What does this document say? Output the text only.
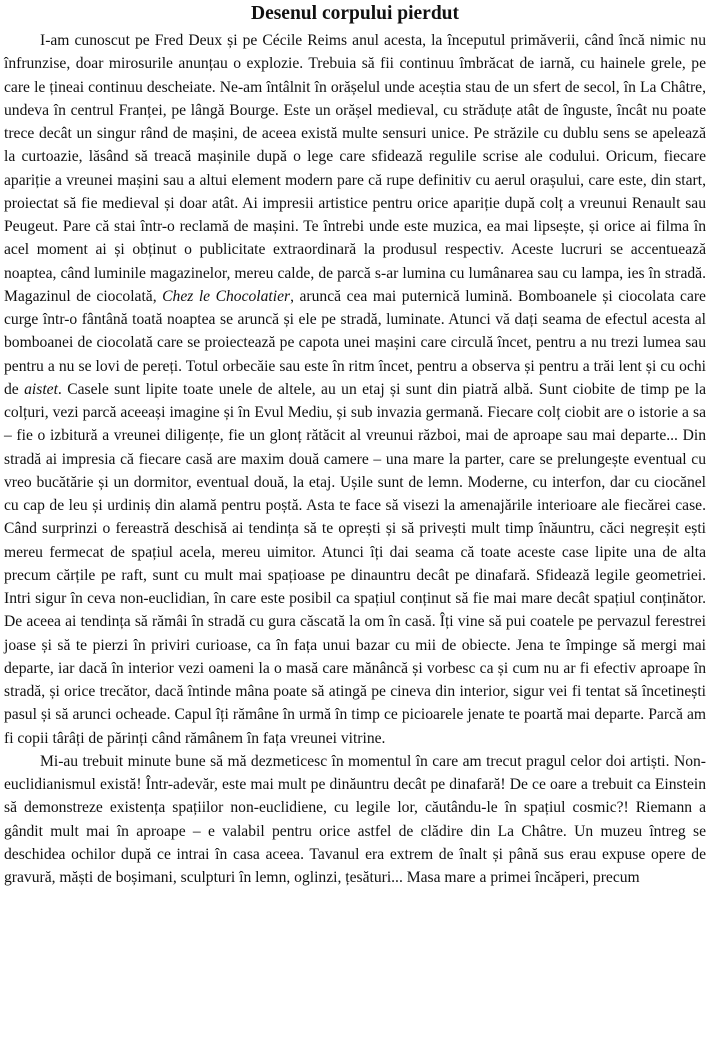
Desenul corpului pierdut

I-am cunoscut pe Fred Deux și pe Cécile Reims anul acesta, la începutul primăverii, când încă nimic nu înfrunzise, doar mirosurile anunțau o explozie. Trebuia să fii continuu îmbrăcat de iarnă, cu hainele grele, pe care le țineai continuu descheiate. Ne-am întâlnit în orășelul unde aceștia stau de un sfert de secol, în La Châtre, undeva în centrul Franței, pe lângă Bourge. Este un orășel medieval, cu străduțe atât de înguste, încât nu poate trece decât un singur rând de mașini, de aceea există multe sensuri unice. Pe străzile cu dublu sens se apelează la curtoazie, lăsând să treacă mașinile după o lege care sfidează regulile scrise ale codului. Oricum, fiecare apariție a vreunei mașini sau a altui element modern pare că rupe definitiv cu aerul orașului, care este, din start, proiectat să fie medieval și doar atât. Ai impresii artistice pentru orice apariție după colț a vreunui Renault sau Peugeut. Pare că stai într-o reclamă de mașini. Te întrebi unde este muzica, ea mai lipsește, și orice ai filma în acel moment ai și obținut o publicitate extraordinară la produsul respectiv. Aceste lucruri se accentuează noaptea, când luminile magazinelor, mereu calde, de parcă s-ar lumina cu lumânarea sau cu lampa, ies în stradă. Magazinul de ciocolată, Chez le Chocolatier, aruncă cea mai puternică lumină. Bomboanele și ciocolata care curge într-o fântână toată noaptea se aruncă și ele pe stradă, luminate. Atunci vă dați seama de efectul acesta al bomboanei de ciocolată care se proiectează pe capota unei mașini care circulă încet, pentru a nu trezi lumea sau pentru a nu se lovi de pereți. Totul orbecăie sau este în ritm încet, pentru a observa și pentru a trăi lent și cu ochi de aistet. Casele sunt lipite toate unele de altele, au un etaj și sunt din piatră albă. Sunt ciobite de timp pe la colțuri, vezi parcă aceeași imagine și în Evul Mediu, și sub invazia germană. Fiecare colț ciobit are o istorie a sa – fie o izbitură a vreunei diligențe, fie un glonț rătăcit al vreunui război, mai de aproape sau mai departe... Din stradă ai impresia că fiecare casă are maxim două camere – una mare la parter, care se prelungește eventual cu vreo bucătărie și un dormitor, eventual două, la etaj. Ușile sunt de lemn. Moderne, cu interfon, dar cu ciocănel cu cap de leu și urdiniș din alamă pentru poștă. Asta te face să visezi la amenajările interioare ale fiecărei case. Când surprinzi o fereastră deschisă ai tendința să te oprești și să privești mult timp înăuntru, căci negreșit ești mereu fermecat de spațiul acela, mereu uimitor. Atunci îți dai seama că toate aceste case lipite una de alta precum cărțile pe raft, sunt cu mult mai spațioase pe dinauntru decât pe dinafară. Sfidează legile geometriei. Intri sigur în ceva non-euclidian, în care este posibil ca spațiul conținut să fie mai mare decât spațiul conținător. De aceea ai tendința să rămâi în stradă cu gura căscată la om în casă. Îți vine să pui coatele pe pervazul ferestrei joase și să te pierzi în priviri curioase, ca în fața unui bazar cu mii de obiecte. Jena te împinge să mergi mai departe, iar dacă în interior vezi oameni la o masă care mănâncă și vorbesc ca și cum nu ar fi efectiv aproape în stradă, și orice trecător, dacă întinde mâna poate să atingă pe cineva din interior, sigur vei fi tentat să încetinești pasul și să arunci ocheade. Capul îți rămâne în urmă în timp ce picioarele jenate te poartă mai departe. Parcă am fi copii târâți de părinți când rămânem în fața vreunei vitrine.

Mi-au trebuit minute bune să mă dezmeticesc în momentul în care am trecut pragul celor doi artiști. Non-euclidianismul există! Într-adevăr, este mai mult pe dinăuntru decât pe dinafară! De ce oare a trebuit ca Einstein să demonstreze existența spațiilor non-euclidiene, cu legile lor, căutându-le în spațiul cosmic?! Riemann a gândit mult mai în aproape – e valabil pentru orice astfel de clădire din La Châtre. Un muzeu întreg se deschidea ochilor după ce intrai în casa aceea. Tavanul era extrem de înalt și până sus erau expuse opere de gravură, măști de boșimani, sculpturi în lemn, oglinzi, țesături... Masa mare a primei încăperi, precum
